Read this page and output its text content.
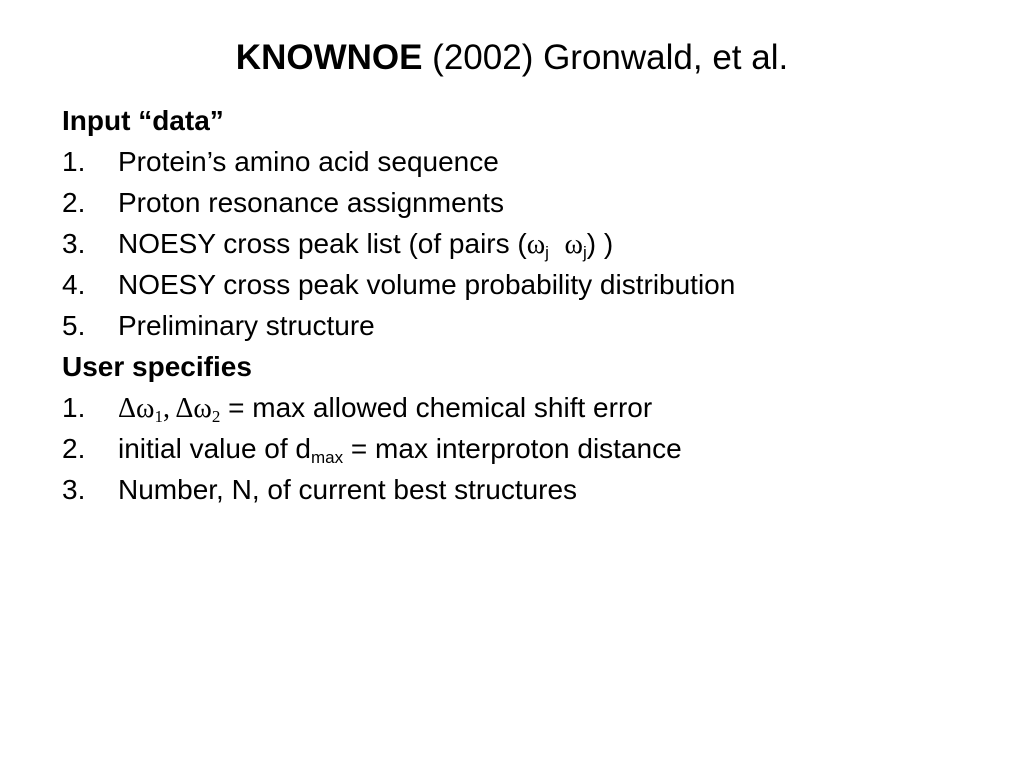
KNOWNOE (2002) Gronwald, et al.
Input “data”
1. Protein’s amino acid sequence
2. Proton resonance assignments
3. NOESY cross peak list (of pairs ($\omega_j$ $\omega_j$) )
4. NOESY cross peak volume probability distribution
5. Preliminary structure
User specifies
1. $\Delta\omega_1$, $\Delta\omega_2 = \max$ allowed chemical shift error
2. initial value of $d_{max} = \max$ interproton distance
3. Number, N, of current best structures
